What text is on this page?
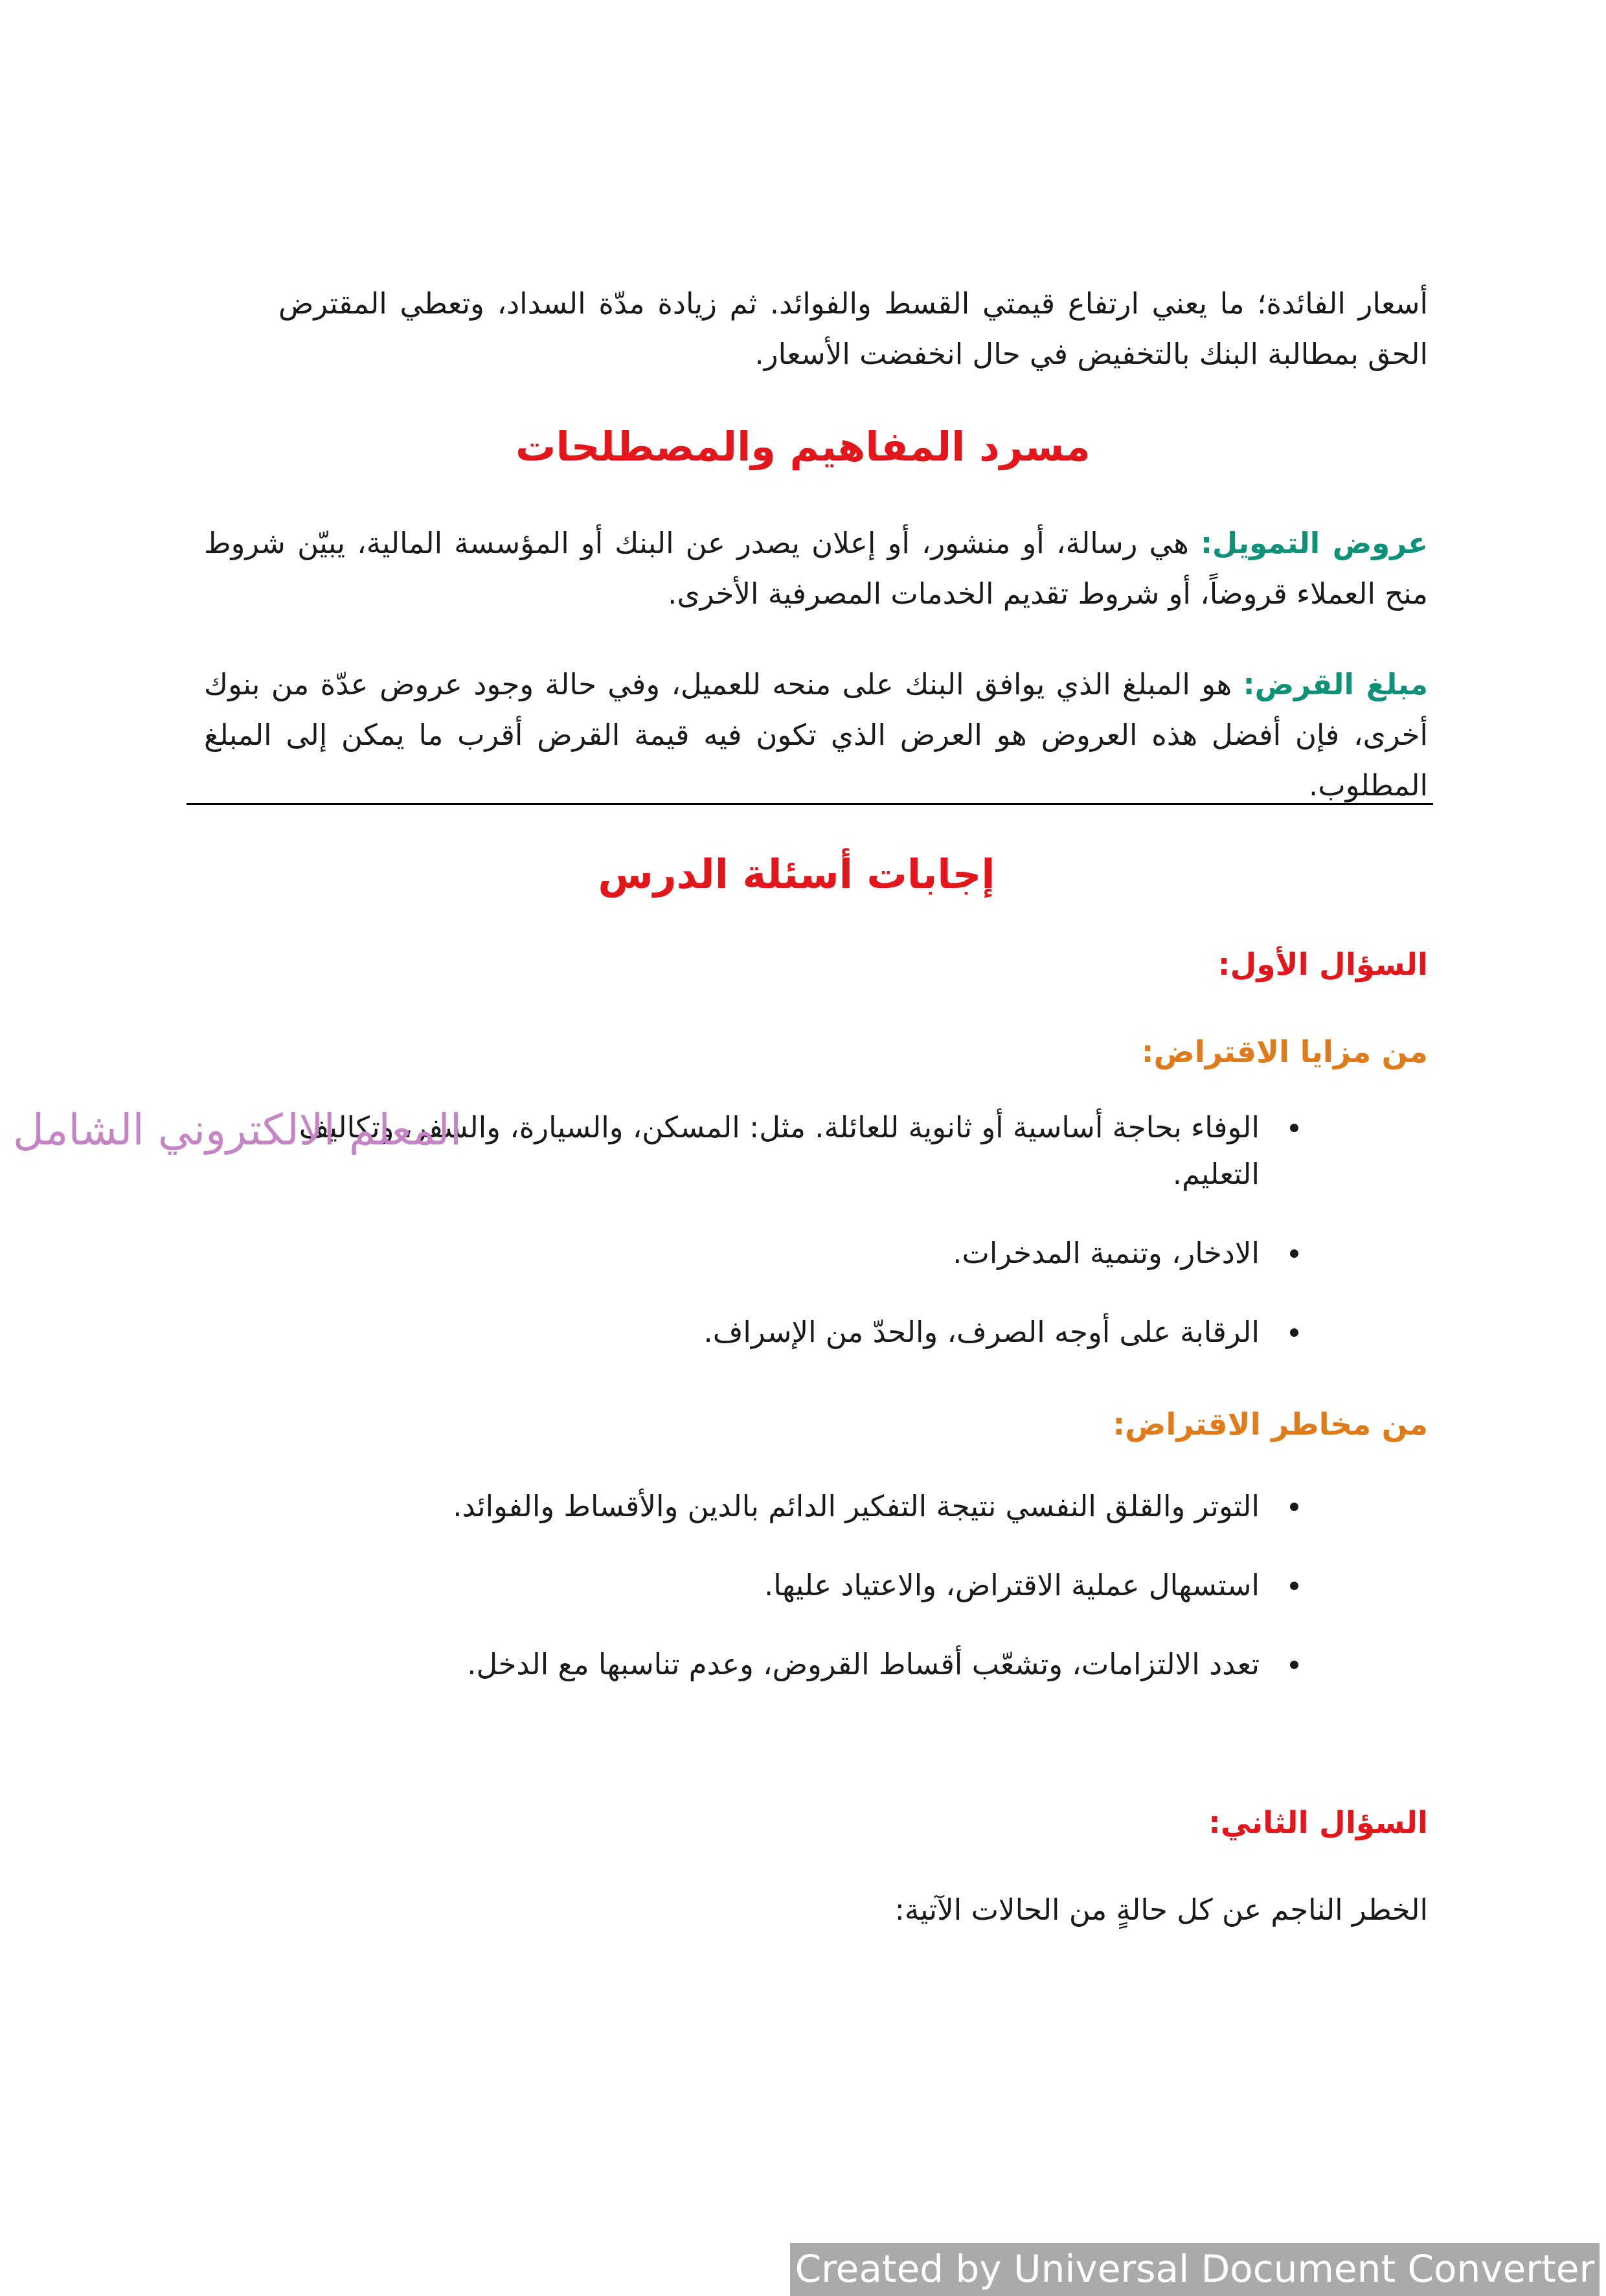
أسعار الفائدة؛ ما يعني ارتفاع قيمتي القسط والفوائد. ثم زيادة مدّة السداد، وتعطي المقترض الحق بمطالبة البنك بالتخفيض في حال انخفضت الأسعار.

مسرد المفاهيم والمصطلحات

عروض التمويل: هي رسالة، أو منشور، أو إعلان يصدر عن البنك أو المؤسسة المالية، يبيّن شروط منح العملاء قروضاً، أو شروط تقديم الخدمات المصرفية الأخرى.

مبلغ القرض: هو المبلغ الذي يوافق البنك على منحه للعميل، وفي حالة وجود عروض عدّة من بنوك أخرى، فإن أفضل هذه العروض هو العرض الذي تكون فيه قيمة القرض أقرب ما يمكن إلى المبلغ المطلوب.

إجابات أسئلة الدرس
السؤال الأول:
من مزايا الاقتراض:
الوفاء بحاجة أساسية أو ثانوية للعائلة. مثل: المسكن، والسيارة، والسفر، وتكاليف التعليم.
الادخار، وتنمية المدخرات.
الرقابة على أوجه الصرف، والحدّ من الإسراف.
من مخاطر الاقتراض:
التوتر والقلق النفسي نتيجة التفكير الدائم بالدين والأقساط والفوائد.
استسهال عملية الاقتراض، والاعتياد عليها.
تعدد الالتزامات، وتشعّب أقساط القروض، وعدم تناسبها مع الدخل.
السؤال الثاني:
الخطر الناجم عن كل حالةٍ من الحالات الآتية:
المعلم الالكتروني الشامل
Created by Universal Document Converter
